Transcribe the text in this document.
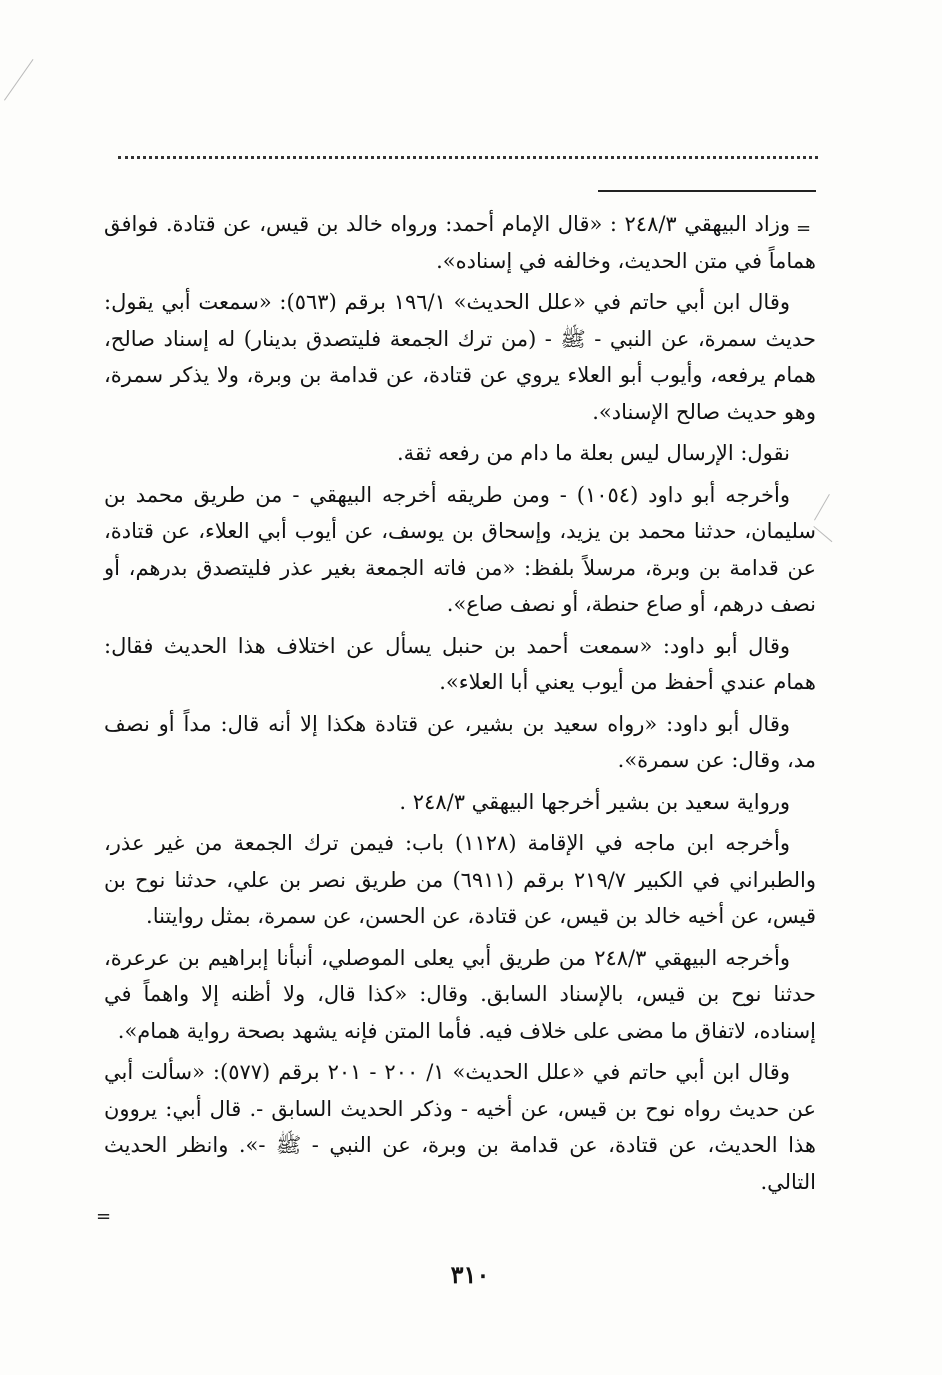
=

وزاد البيهقي ٢٤٨/٣ : «قال الإمام أحمد: ورواه خالد بن قيس، عن قتادة. فوافق هماماً في متن الحديث، وخالفه في إسناده».

وقال ابن أبي حاتم في «علل الحديث» ١٩٦/١ برقم (٥٦٣): «سمعت أبي يقول: حديث سمرة، عن النبي - ﷺ - (من ترك الجمعة فليتصدق بدينار) له إسناد صالح، همام يرفعه، وأيوب أبو العلاء يروي عن قتادة، عن قدامة بن وبرة، ولا يذكر سمرة، وهو حديث صالح الإسناد».

نقول: الإرسال ليس بعلة ما دام من رفعه ثقة.

وأخرجه أبو داود (١٠٥٤) - ومن طريقه أخرجه البيهقي - من طريق محمد بن سليمان، حدثنا محمد بن يزيد، وإسحاق بن يوسف، عن أيوب أبي العلاء، عن قتادة، عن قدامة بن وبرة، مرسلاً بلفظ: «من فاته الجمعة بغير عذر فليتصدق بدرهم، أو نصف درهم، أو صاع حنطة، أو نصف صاع».

وقال أبو داود: «سمعت أحمد بن حنبل يسأل عن اختلاف هذا الحديث فقال: همام عندي أحفظ من أيوب يعني أبا العلاء».

وقال أبو داود: «رواه سعيد بن بشير، عن قتادة هكذا إلا أنه قال: مداً أو نصف مد، وقال: عن سمرة».

ورواية سعيد بن بشير أخرجها البيهقي ٢٤٨/٣ .

وأخرجه ابن ماجه في الإقامة (١١٢٨) باب: فيمن ترك الجمعة من غير عذر، والطبراني في الكبير ٢١٩/٧ برقم (٦٩١١) من طريق نصر بن علي، حدثنا نوح بن قيس، عن أخيه خالد بن قيس، عن قتادة، عن الحسن، عن سمرة، بمثل روايتنا.

وأخرجه البيهقي ٢٤٨/٣ من طريق أبي يعلى الموصلي، أنبأنا إبراهيم بن عرعرة، حدثنا نوح بن قيس، بالإسناد السابق. وقال: «كذا قال، ولا أظنه إلا واهماً في إسناده، لاتفاق ما مضى على خلاف فيه. فأما المتن فإنه يشهد بصحة رواية همام».

وقال ابن أبي حاتم في «علل الحديث» ١/ ٢٠٠ - ٢٠١ برقم (٥٧٧): «سألت أبي عن حديث رواه نوح بن قيس، عن أخيه - وذكر الحديث السابق -. قال أبي: يروون هذا الحديث، عن قتادة، عن قدامة بن وبرة، عن النبي - ﷺ -». وانظر الحديث التالي.

=
٣١٠
